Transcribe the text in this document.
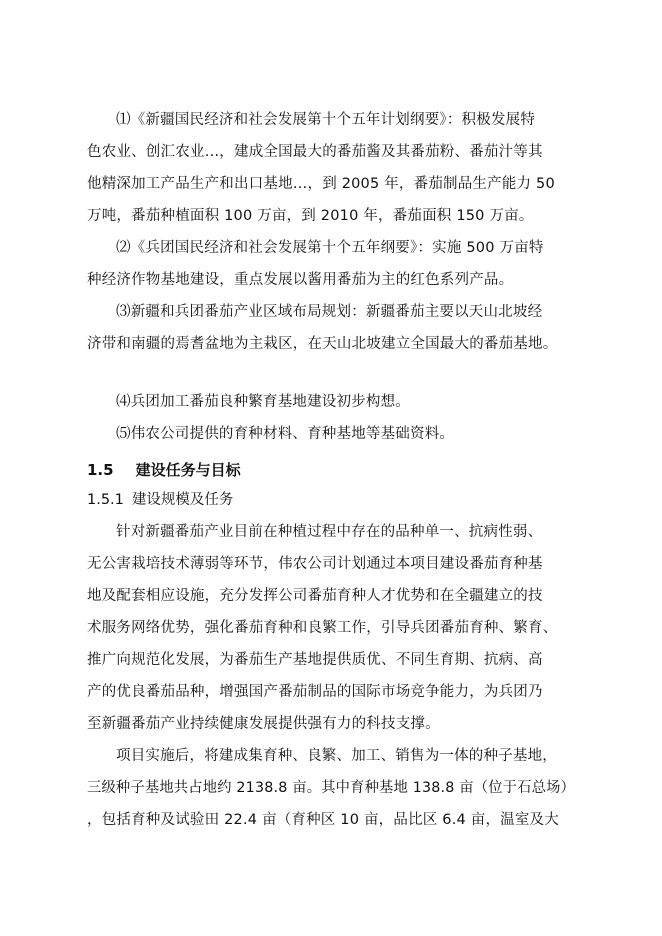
⑴《新疆国民经济和社会发展第十个五年计划纲要》：积极发展特
色农业、创汇农业…，建成全国最大的番茄酱及其番茄粉、番茄汁等其
他精深加工产品生产和出口基地…，到 2005 年，番茄制品生产能力 50
万吨，番茄种植面积 100 万亩，到 2010 年，番茄面积 150 万亩。
⑵《兵团国民经济和社会发展第十个五年纲要》：实施 500 万亩特
种经济作物基地建设，重点发展以酱用番茄为主的红色系列产品。
⑶新疆和兵团番茄产业区域布局规划：新疆番茄主要以天山北坡经
济带和南疆的焉耆盆地为主栽区，在天山北坡建立全国最大的番茄基地。
⑷兵团加工番茄良种繁育基地建设初步构想。
⑸伟农公司提供的育种材料、育种基地等基础资料。
1.5 建设任务与目标
1.5.1 建设规模及任务
针对新疆番茄产业目前在种植过程中存在的品种单一、抗病性弱、
无公害栽培技术薄弱等环节，伟农公司计划通过本项目建设番茄育种基
地及配套相应设施，充分发挥公司番茄育种人才优势和在全疆建立的技
术服务网络优势，强化番茄育种和良繁工作，引导兵团番茄育种、繁育、
推广向规范化发展，为番茄生产基地提供质优、不同生育期、抗病、高
产的优良番茄品种，增强国产番茄制品的国际市场竞争能力，为兵团乃
至新疆番茄产业持续健康发展提供强有力的科技支撑。
项目实施后，将建成集育种、良繁、加工、销售为一体的种子基地，
三级种子基地共占地约 2138.8 亩。其中育种基地 138.8 亩（位于石总场）
，包括育种及试验田 22.4 亩（育种区 10 亩，品比区 6.4 亩，温室及大
